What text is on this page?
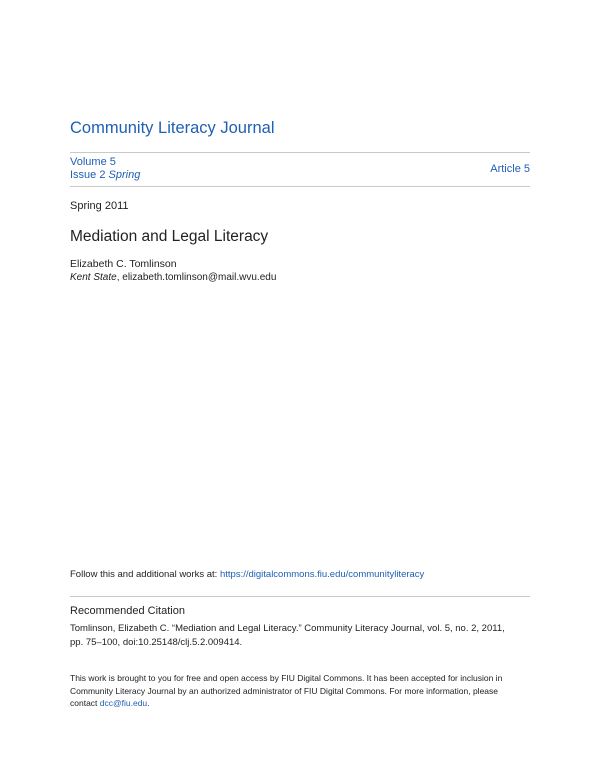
Community Literacy Journal
Volume 5
Issue 2 Spring	Article 5
Spring 2011
Mediation and Legal Literacy
Elizabeth C. Tomlinson
Kent State, elizabeth.tomlinson@mail.wvu.edu
Follow this and additional works at: https://digitalcommons.fiu.edu/communityliteracy
Recommended Citation
Tomlinson, Elizabeth C. “Mediation and Legal Literacy.” Community Literacy Journal, vol. 5, no. 2, 2011,
pp. 75–100, doi:10.25148/clj.5.2.009414.
This work is brought to you for free and open access by FIU Digital Commons. It has been accepted for inclusion in
Community Literacy Journal by an authorized administrator of FIU Digital Commons. For more information, please
contact dcc@fiu.edu.
